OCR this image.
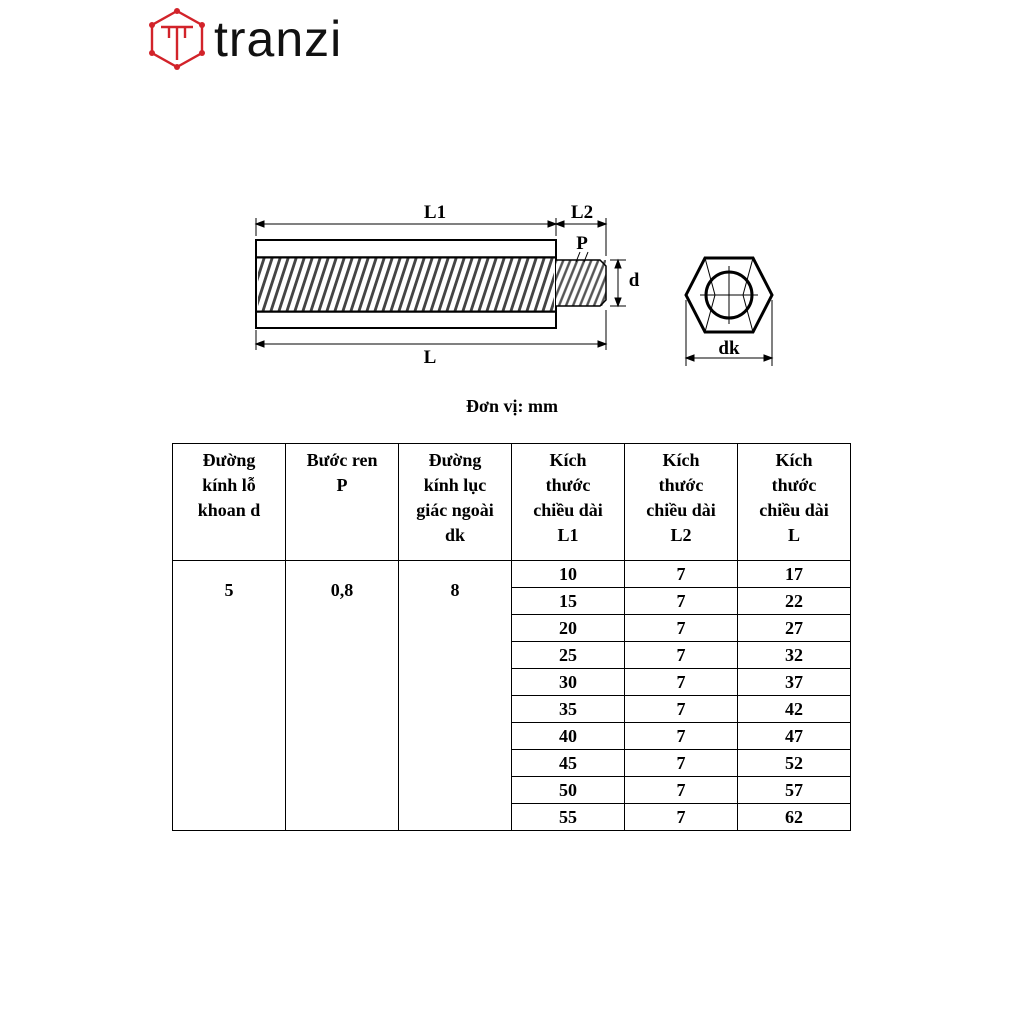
tranzi
L1	L2
P
d
L	dk
Đơn vị: mm
Đường
kính lỗ
khoan d	Bước ren
P	Đường
kính lục
giác ngoài
dk	Kích
thước
chiều dài
L1	Kích
thước
chiều dài
L2	Kích
thước
chiều dài
L
5	0,8	8	10	7	17
			15	7	22
			20	7	27
			25	7	32
			30	7	37
			35	7	42
			40	7	47
			45	7	52
			50	7	57
			55	7	62
